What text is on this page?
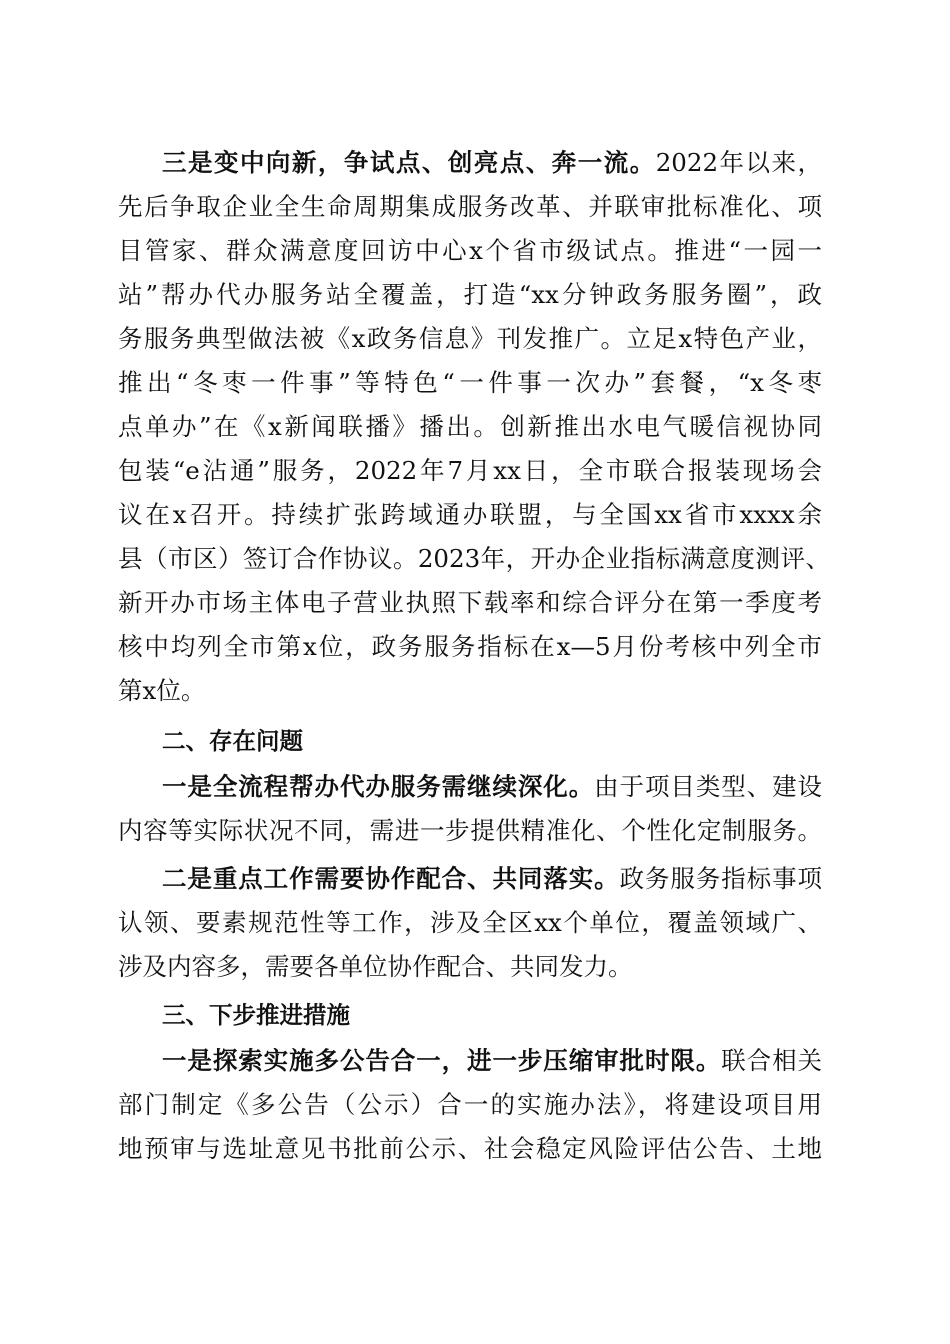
三是变中向新，争试点、创亮点、奔一流。2022年以来，
先后争取企业全生命周期集成服务改革、并联审批标准化、项
目管家、群众满意度回访中心x个省市级试点。推进“一园一
站”帮办代办服务站全覆盖，打造“xx分钟政务服务圈”，政
务服务典型做法被《x政务信息》刊发推广。立足x特色产业，
推出“冬枣一件事”等特色“一件事一次办”套餐，“x冬枣
点单办”在《x新闻联播》播出。创新推出水电气暖信视协同
包装“e沾通”服务，2022年7月xx日，全市联合报装现场会
议在x召开。持续扩张跨域通办联盟，与全国xx省市xxxx余
县（市区）签订合作协议。2023年，开办企业指标满意度测评、
新开办市场主体电子营业执照下载率和综合评分在第一季度考
核中均列全市第x位，政务服务指标在x—5月份考核中列全市
第x位。
二、存在问题
一是全流程帮办代办服务需继续深化。由于项目类型、建设
内容等实际状况不同，需进一步提供精准化、个性化定制服务。
二是重点工作需要协作配合、共同落实。政务服务指标事项
认领、要素规范性等工作，涉及全区xx个单位，覆盖领域广、
涉及内容多，需要各单位协作配合、共同发力。
三、下步推进措施
一是探索实施多公告合一，进一步压缩审批时限。联合相关
部门制定《多公告（公示）合一的实施办法》，将建设项目用
地预审与选址意见书批前公示、社会稳定风险评估公告、土地
